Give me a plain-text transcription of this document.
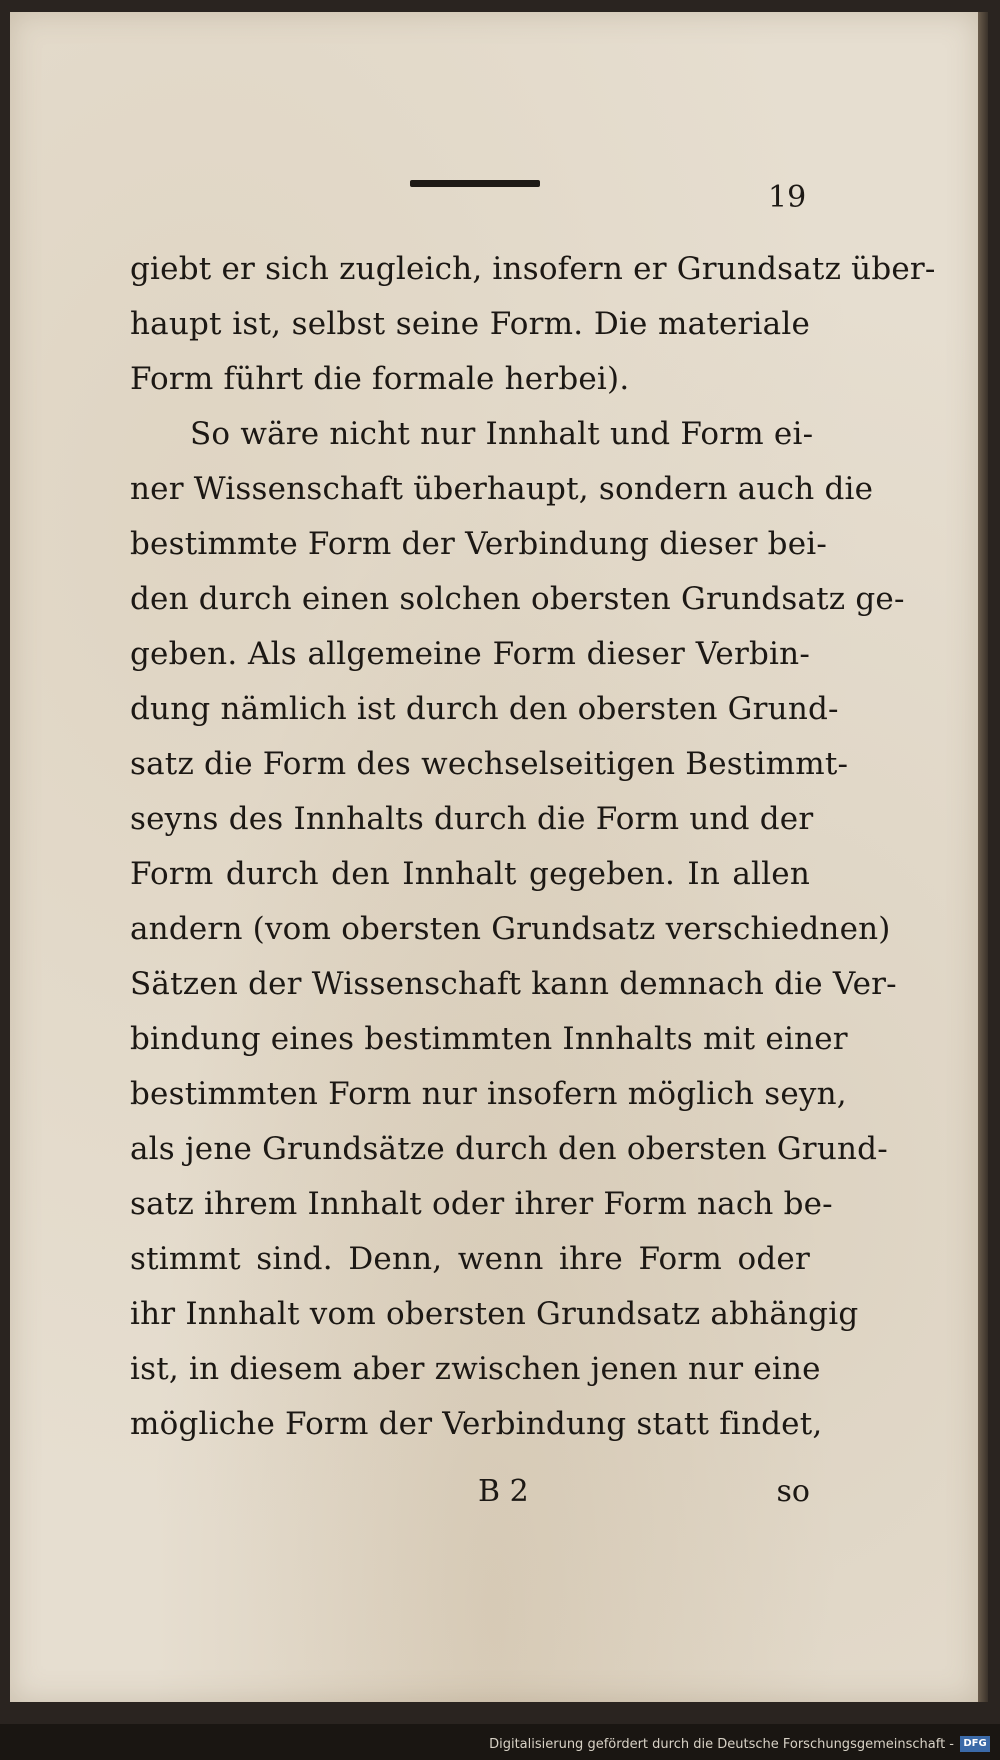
19
giebt er sich zugleich, insofern er Grundsatz über-
haupt ist, selbst seine Form. Die materiale
Form führt die formale herbei).
So wäre nicht nur Innhalt und Form ei-
ner Wissenschaft überhaupt, sondern auch die
bestimmte Form der Verbindung dieser bei-
den durch einen solchen obersten Grundsatz ge-
geben. Als allgemeine Form dieser Verbin-
dung nämlich ist durch den obersten Grund-
satz die Form des wechselseitigen Bestimmt-
seyns des Innhalts durch die Form und der
Form durch den Innhalt gegeben. In allen
andern (vom obersten Grundsatz verschiednen)
Sätzen der Wissenschaft kann demnach die Ver-
bindung eines bestimmten Innhalts mit einer
bestimmten Form nur insofern möglich seyn,
als jene Grundsätze durch den obersten Grund-
satz ihrem Innhalt oder ihrer Form nach be-
stimmt sind. Denn, wenn ihre Form oder
ihr Innhalt vom obersten Grundsatz abhängig
ist, in diesem aber zwischen jenen nur eine
mögliche Form der Verbindung statt findet,
B 2	so
Digitalisierung gefördert durch die Deutsche Forschungsgemeinschaft - DFG
